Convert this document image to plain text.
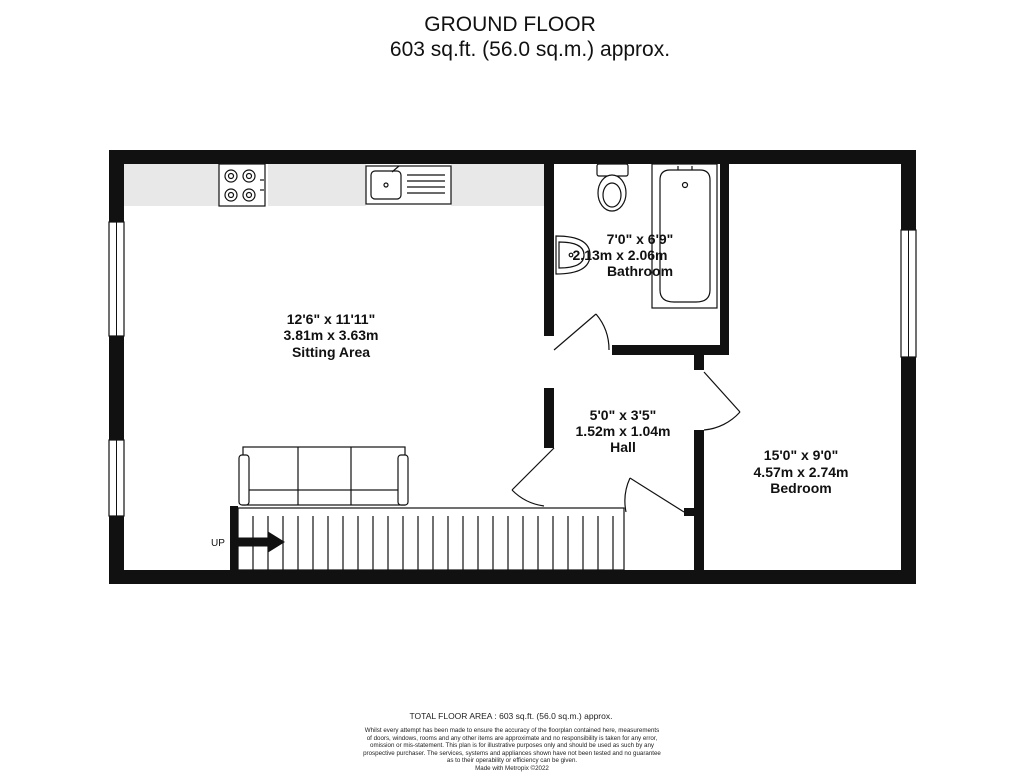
GROUND FLOOR
603 sq.ft. (56.0 sq.m.) approx.
UP
12'6" x 11'11"
3.81m x 3.63m
Sitting Area
7'0" x 6'9"
2.13m x 2.06m
Bathroom
5'0" x 3'5"
1.52m x 1.04m
Hall	15'0" x 9'0"
4.57m x 2.74m
Bedroom
TOTAL FLOOR AREA : 603 sq.ft. (56.0 sq.m.) approx.
Whilst every attempt has been made to ensure the accuracy of the floorplan contained here, measurements
of doors, windows, rooms and any other items are approximate and no responsibility is taken for any error,
omission or mis-statement. This plan is for illustrative purposes only and should be used as such by any
prospective purchaser. The services, systems and appliances shown have not been tested and no guarantee
as to their operability or efficiency can be given.
Made with Metropix ©2022
